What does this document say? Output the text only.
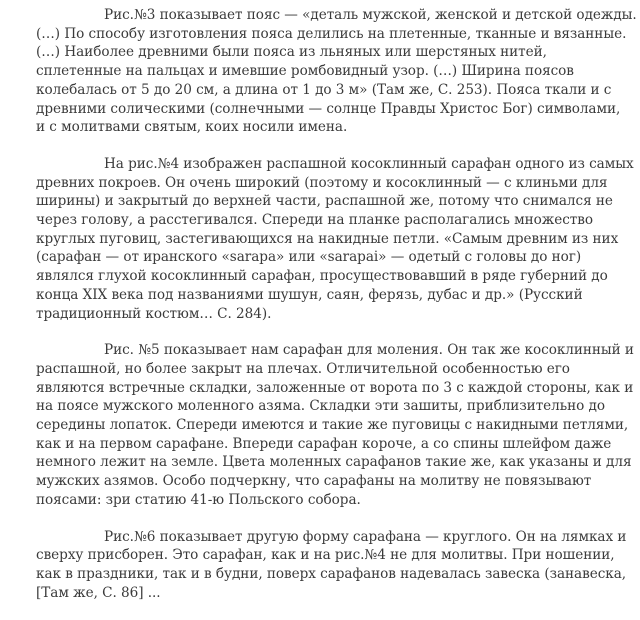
Рис.№3 показывает пояс — «деталь мужской, женской и детской одежды.
(…) По способу изготовления пояса делились на плетенные, тканные и вязанные.
(…) Наиболее древними были пояса из льняных или шерстяных нитей,
сплетенные на пальцах и имевшие ромбовидный узор. (…) Ширина поясов
колебалась от 5 до 20 см, а длина от 1 до 3 м» (Там же, С. 253). Пояса ткали и с
древними солическими (солнечными — солнце Правды Христос Бог) символами,
и с молитвами святым, коих носили имена.

На рис.№4 изображен распашной косоклинный сарафан одного из самых
древних покроев. Он очень широкий (поэтому и косоклинный — с клиньми для
ширины) и закрытый до верхней части, распашной же, потому что снимался не
через голову, а расстегивался. Спереди на планке располагались множество
круглых пуговиц, застегивающихся на накидные петли. «Самым древним из них
(сарафан — от иранского «sarapa» или «sarapai» — одетый с головы до ног)
являлся глухой косоклинный сарафан, просуществовавший в ряде губерний до
конца XIX века под названиями шушун, саян, ферязь, дубас и др.» (Русский
традиционный костюм… С. 284).

Рис. №5 показывает нам сарафан для моления. Он так же косоклинный и
распашной, но более закрыт на плечах. Отличительной особенностью его
являются встречные складки, заложенные от ворота по 3 с каждой стороны, как и
на поясе мужского моленного азяма. Складки эти зашиты, приблизительно до
середины лопаток. Спереди имеются и такие же пуговицы с накидными петлями,
как и на первом сарафане. Впереди сарафан короче, а со спины шлейфом даже
немного лежит на земле. Цвета моленных сарафанов такие же, как указаны и для
мужских азямов. Особо подчеркну, что сарафаны на молитву не повязывают
поясами: зри статию 41-ю Польского собора.

Рис.№6 показывает другую форму сарафана — круглого. Он на лямках и
сверху присборен. Это сарафан, как и на рис.№4 не для молитвы. При ношении,
как в праздники, так и в будни, поверх сарафанов надевалась завеска (занавеска,
[Там же, С. 86] ...
